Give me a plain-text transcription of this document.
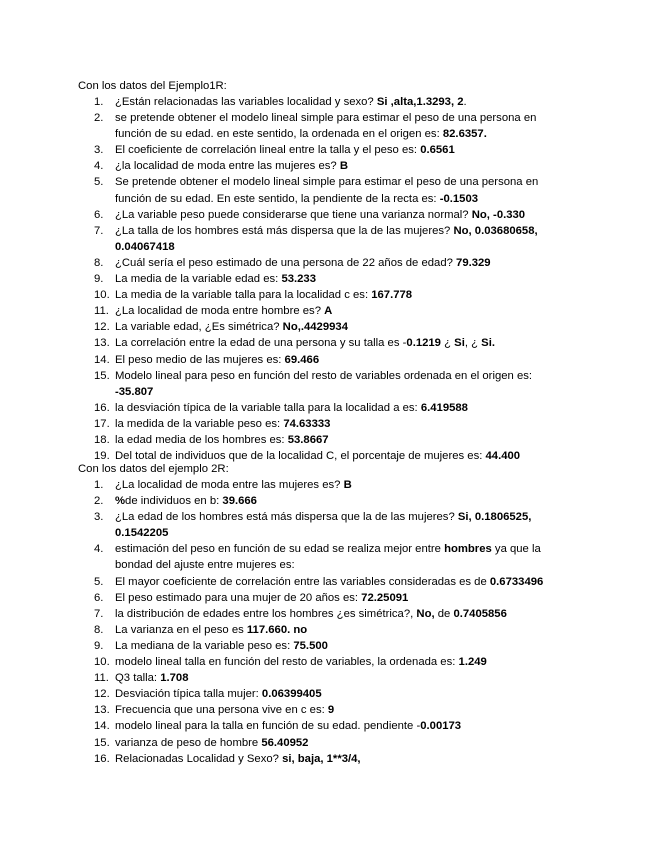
Con los datos del Ejemplo1R:
1. ¿Están relacionadas las variables localidad y sexo? Si ,alta,1.3293, 2.
2. se pretende obtener el modelo lineal simple para estimar el peso de una persona en función de su edad. en este sentido, la ordenada en el origen es: 82.6357.
3. El coeficiente de correlación lineal entre la talla y el peso es: 0.6561
4. ¿la localidad de moda entre las mujeres es? B
5. Se pretende obtener el modelo lineal simple para estimar el peso de una persona en función de su edad. En este sentido, la pendiente de la recta es: -0.1503
6. ¿La variable peso puede considerarse que tiene una varianza normal? No, -0.330
7. ¿La talla de los hombres está más dispersa que la de las mujeres? No, 0.03680658, 0.04067418
8. ¿Cuál sería el peso estimado de una persona de 22 años de edad? 79.329
9. La media de la variable edad es: 53.233
10. La media de la variable talla para la localidad c es: 167.778
11. ¿La localidad de moda entre hombre es? A
12. La variable edad, ¿Es simétrica? No,.4429934
13. La correlación entre la edad de una persona y su talla es -0.1219 ¿ Si, ¿ Si.
14. El peso medio de las mujeres es: 69.466
15. Modelo lineal para peso en función del resto de variables ordenada en el origen es: -35.807
16. la desviación típica de la variable talla para la localidad a es: 6.419588
17. la medida de la variable peso es: 74.63333
18. la edad media de los hombres es: 53.8667
19. Del total de individuos que de la localidad C, el porcentaje de mujeres es: 44.400
Con los datos del ejemplo 2R:
1. ¿La localidad de moda entre las mujeres es? B
2. %de individuos en b: 39.666
3. ¿La edad de los hombres está más dispersa que la de las mujeres? Si, 0.1806525, 0.1542205
4. estimación del peso en función de su edad se realiza mejor entre hombres ya que la bondad del ajuste entre mujeres es:
5. El mayor coeficiente de correlación entre las variables consideradas es de 0.6733496
6. El peso estimado para una mujer de 20 años es: 72.25091
7. la distribución de edades entre los hombres ¿es simétrica?, No, de 0.7405856
8. La varianza en el peso es 117.660. no
9. La mediana de la variable peso es: 75.500
10. modelo lineal talla en función del resto de variables, la ordenada es: 1.249
11. Q3 talla: 1.708
12. Desviación típica talla mujer: 0.06399405
13. Frecuencia que una persona vive en c es: 9
14. modelo lineal para la talla en función de su edad. pendiente -0.00173
15. varianza de peso de hombre 56.40952
16. Relacionadas Localidad y Sexo? si, baja, 1**3/4,
